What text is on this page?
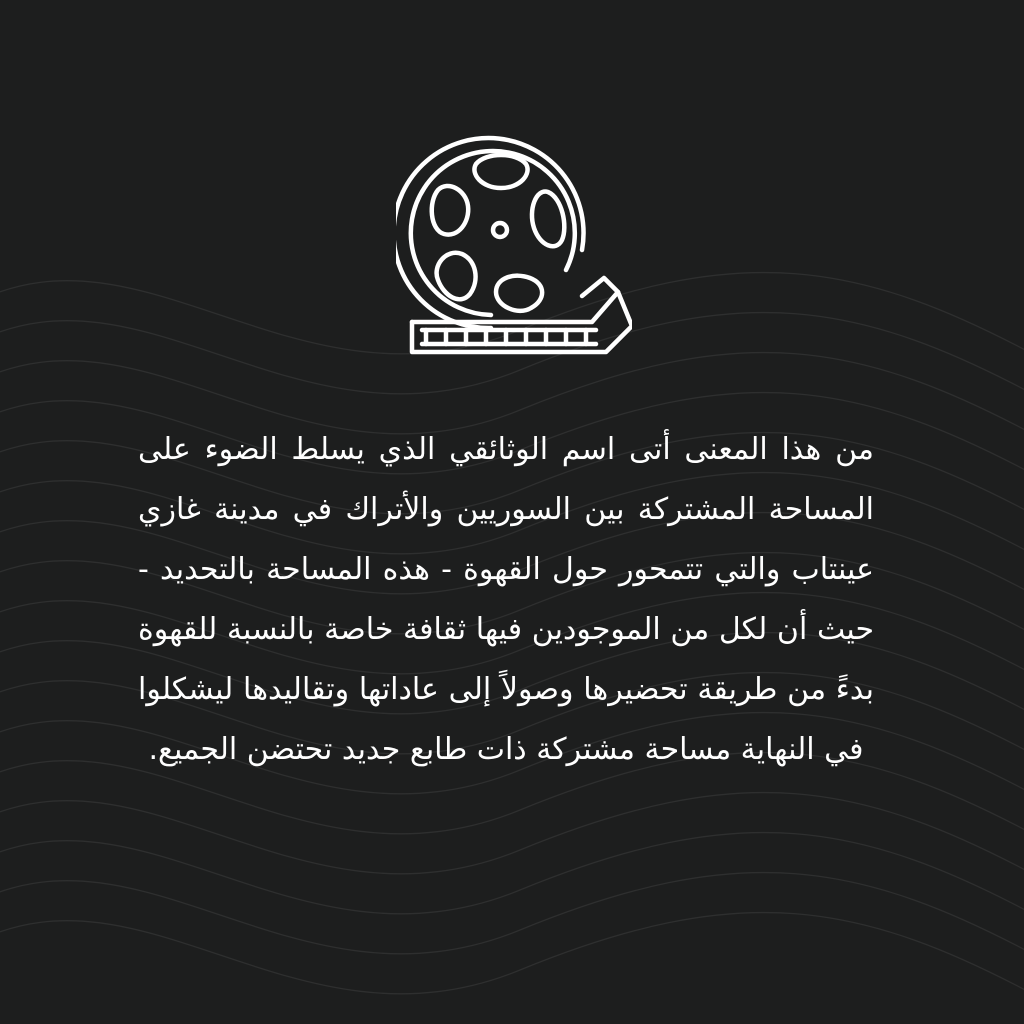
من هذا المعنى أتى اسم الوثائقي الذي يسلط الضوء على المساحة المشتركة بين السوريين والأتراك في مدينة غازي عينتاب والتي تتمحور حول القهوة - هذه المساحة بالتحديد - حيث أن لكل من الموجودين فيها ثقافة خاصة بالنسبة للقهوة بدءً من طريقة تحضيرها وصولاً إلى عاداتها وتقاليدها ليشكلوا في النهاية مساحة مشتركة ذات طابع جديد تحتضن الجميع.
